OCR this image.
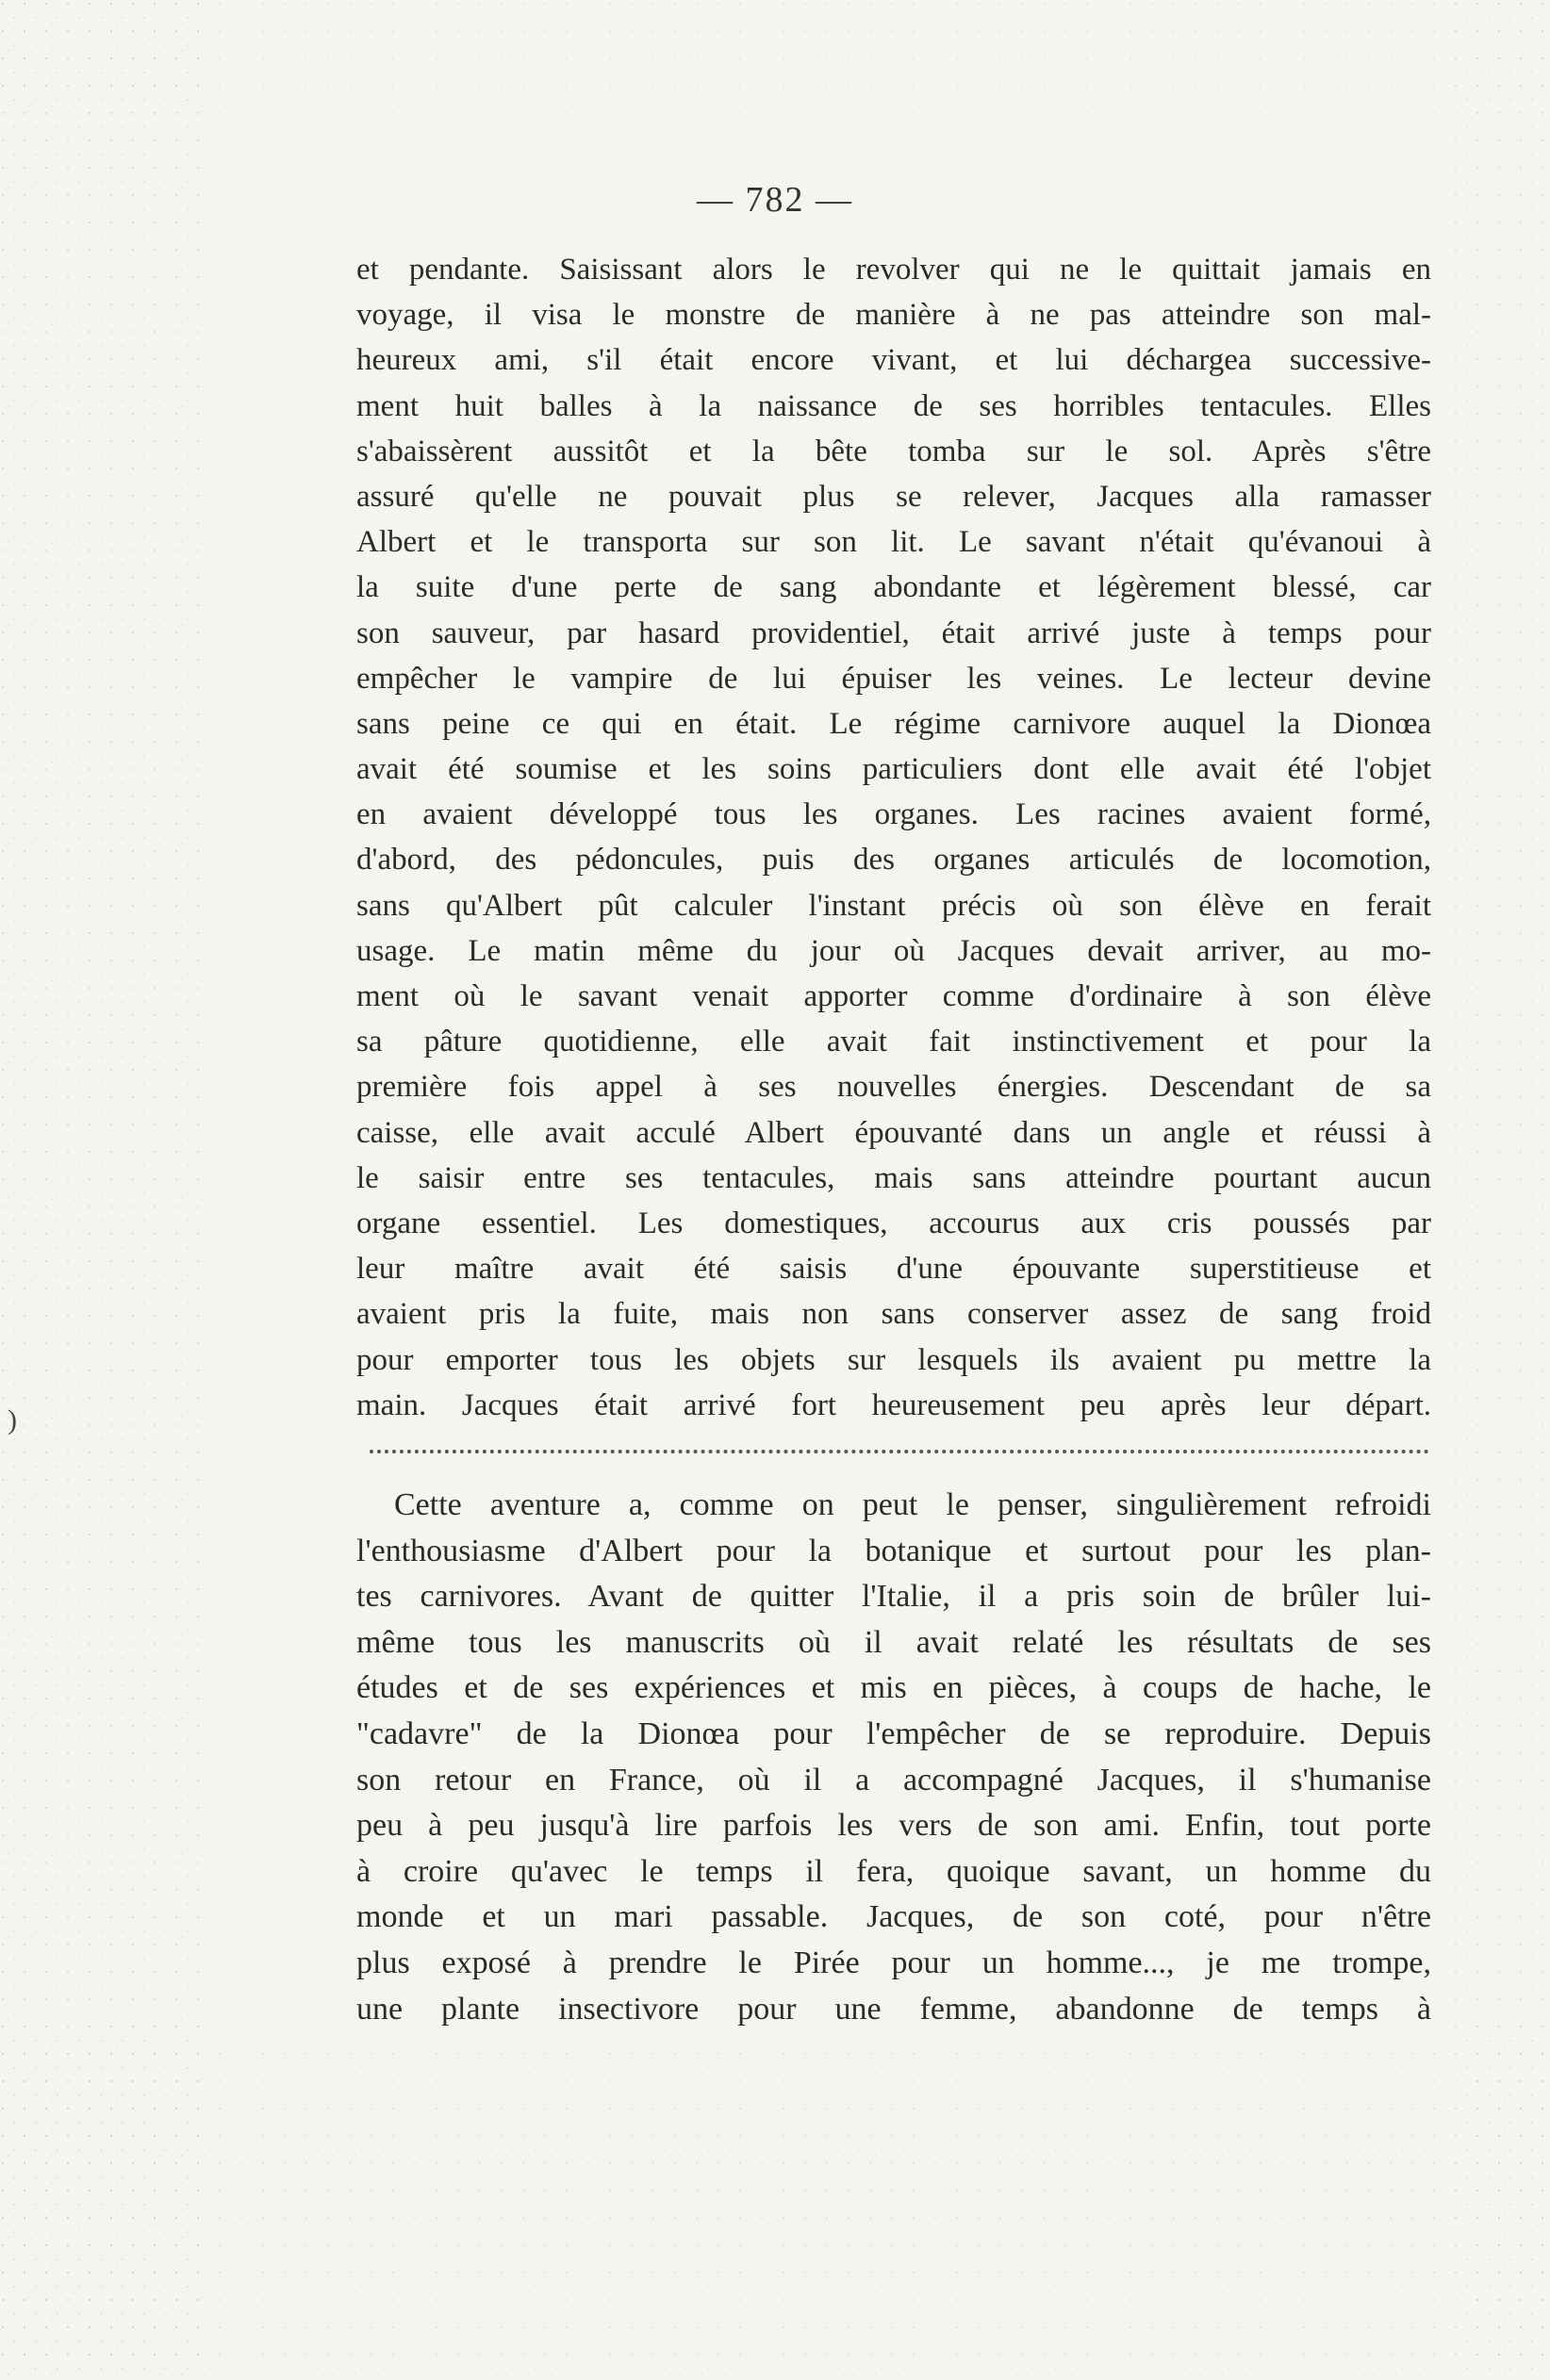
)
— 782 —
et pendante. Saisissant alors le revolver qui ne le quittait jamais en
voyage, il visa le monstre de manière à ne pas atteindre son mal-
heureux ami, s'il était encore vivant, et lui déchargea successive-
ment huit balles à la naissance de ses horribles tentacules. Elles
s'abaissèrent aussitôt et la bête tomba sur le sol. Après s'être
assuré qu'elle ne pouvait plus se relever, Jacques alla ramasser
Albert et le transporta sur son lit. Le savant n'était qu'évanoui à
la suite d'une perte de sang abondante et légèrement blessé, car
son sauveur, par hasard providentiel, était arrivé juste à temps pour
empêcher le vampire de lui épuiser les veines. Le lecteur devine
sans peine ce qui en était. Le régime carnivore auquel la Dionœa
avait été soumise et les soins particuliers dont elle avait été l'objet
en avaient développé tous les organes. Les racines avaient formé,
d'abord, des pédoncules, puis des organes articulés de locomotion,
sans qu'Albert pût calculer l'instant précis où son élève en ferait
usage. Le matin même du jour où Jacques devait arriver, au mo-
ment où le savant venait apporter comme d'ordinaire à son élève
sa pâture quotidienne, elle avait fait instinctivement et pour la
première fois appel à ses nouvelles énergies. Descendant de sa
caisse, elle avait acculé Albert épouvanté dans un angle et réussi à
le saisir entre ses tentacules, mais sans atteindre pourtant aucun
organe essentiel. Les domestiques, accourus aux cris poussés par
leur maître avait été saisis d'une épouvante superstitieuse et
avaient pris la fuite, mais non sans conserver assez de sang froid
pour emporter tous les objets sur lesquels ils avaient pu mettre la
main. Jacques était arrivé fort heureusement peu après leur départ.
Cette aventure a, comme on peut le penser, singulièrement refroidi
l'enthousiasme d'Albert pour la botanique et surtout pour les plan-
tes carnivores. Avant de quitter l'Italie, il a pris soin de brûler lui-
même tous les manuscrits où il avait relaté les résultats de ses
études et de ses expériences et mis en pièces, à coups de hache, le
"cadavre" de la Dionœa pour l'empêcher de se reproduire. Depuis
son retour en France, où il a accompagné Jacques, il s'humanise
peu à peu jusqu'à lire parfois les vers de son ami. Enfin, tout porte
à croire qu'avec le temps il fera, quoique savant, un homme du
monde et un mari passable. Jacques, de son coté, pour n'être
plus exposé à prendre le Pirée pour un homme..., je me trompe,
une plante insectivore pour une femme, abandonne de temps à
